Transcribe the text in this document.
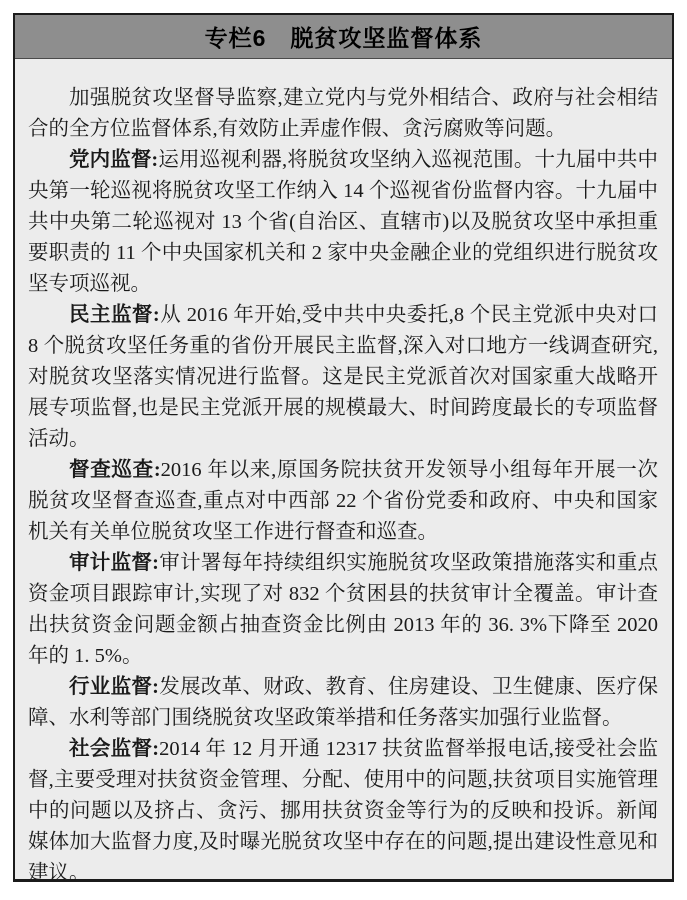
专栏6　脱贫攻坚监督体系

加强脱贫攻坚督导监察,建立党内与党外相结合、政府与社会相结合的全方位监督体系,有效防止弄虚作假、贪污腐败等问题。

党内监督:运用巡视利器,将脱贫攻坚纳入巡视范围。十九届中共中央第一轮巡视将脱贫攻坚工作纳入 14 个巡视省份监督内容。十九届中共中央第二轮巡视对 13 个省(自治区、直辖市)以及脱贫攻坚中承担重要职责的 11 个中央国家机关和 2 家中央金融企业的党组织进行脱贫攻坚专项巡视。

民主监督:从 2016 年开始,受中共中央委托,8 个民主党派中央对口 8 个脱贫攻坚任务重的省份开展民主监督,深入对口地方一线调查研究,对脱贫攻坚落实情况进行监督。这是民主党派首次对国家重大战略开展专项监督,也是民主党派开展的规模最大、时间跨度最长的专项监督活动。

督查巡查:2016 年以来,原国务院扶贫开发领导小组每年开展一次脱贫攻坚督查巡查,重点对中西部 22 个省份党委和政府、中央和国家机关有关单位脱贫攻坚工作进行督查和巡查。

审计监督:审计署每年持续组织实施脱贫攻坚政策措施落实和重点资金项目跟踪审计,实现了对 832 个贫困县的扶贫审计全覆盖。审计查出扶贫资金问题金额占抽查资金比例由 2013 年的 36. 3%下降至 2020 年的 1. 5%。

行业监督:发展改革、财政、教育、住房建设、卫生健康、医疗保障、水利等部门围绕脱贫攻坚政策举措和任务落实加强行业监督。

社会监督:2014 年 12 月开通 12317 扶贫监督举报电话,接受社会监督,主要受理对扶贫资金管理、分配、使用中的问题,扶贫项目实施管理中的问题以及挤占、贪污、挪用扶贫资金等行为的反映和投诉。新闻媒体加大监督力度,及时曝光脱贫攻坚中存在的问题,提出建设性意见和建议。
